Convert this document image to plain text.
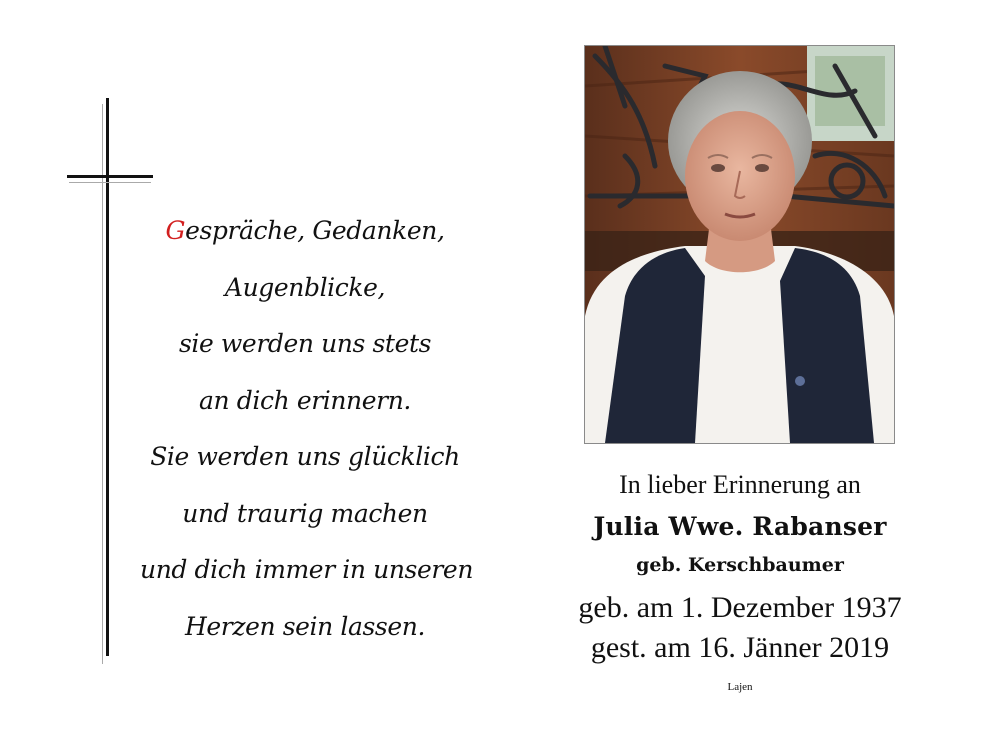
Gespräche, Gedanken,
Augenblicke,
sie werden uns stets
an dich erinnern.
Sie werden uns glücklich
und traurig machen
und dich immer in unseren
Herzen sein lassen.
In lieber Erinnerung an
Julia Wwe. Rabanser
geb. Kerschbaumer
geb. am 1. Dezember 1937
gest. am 16. Jänner 2019
Lajen
